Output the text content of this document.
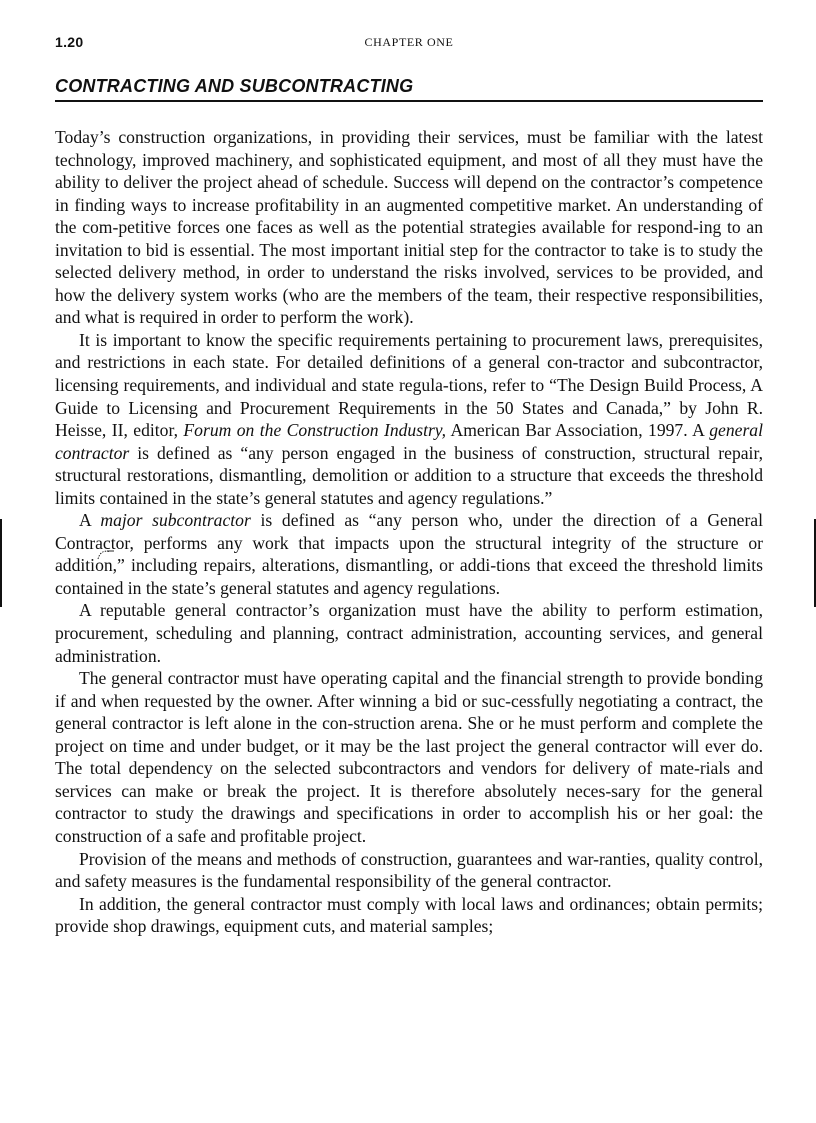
1.20	CHAPTER ONE
CONTRACTING AND SUBCONTRACTING

Today’s construction organizations, in providing their services, must be familiar with the latest technology, improved machinery, and sophisticated equipment, and most of all they must have the ability to deliver the project ahead of schedule. Success will depend on the contractor’s competence in finding ways to increase profitability in an augmented competitive market. An understanding of the com-petitive forces one faces as well as the potential strategies available for respond-ing to an invitation to bid is essential. The most important initial step for the contractor to take is to study the selected delivery method, in order to understand the risks involved, services to be provided, and how the delivery system works (who are the members of the team, their respective responsibilities, and what is required in order to perform the work).

It is important to know the specific requirements pertaining to procurement laws, prerequisites, and restrictions in each state. For detailed definitions of a general con-tractor and subcontractor, licensing requirements, and individual and state regula-tions, refer to “The Design Build Process, A Guide to Licensing and Procurement Requirements in the 50 States and Canada,” by John R. Heisse, II, editor, Forum on the Construction Industry, American Bar Association, 1997. A general contractor is defined as “any person engaged in the business of construction, structural repair, structural restorations, dismantling, demolition or addition to a structure that exceeds the threshold limits contained in the state’s general statutes and agency regulations.”

A major subcontractor is defined as “any person who, under the direction of a General Contractor, performs any work that impacts upon the structural integrity of the structure or addition,” including repairs, alterations, dismantling, or addi-tions that exceed the threshold limits contained in the state’s general statutes and agency regulations.

A reputable general contractor’s organization must have the ability to perform estimation, procurement, scheduling and planning, contract administration, accounting services, and general administration.

The general contractor must have operating capital and the financial strength to provide bonding if and when requested by the owner. After winning a bid or suc-cessfully negotiating a contract, the general contractor is left alone in the con-struction arena. She or he must perform and complete the project on time and under budget, or it may be the last project the general contractor will ever do. The total dependency on the selected subcontractors and vendors for delivery of mate-rials and services can make or break the project. It is therefore absolutely neces-sary for the general contractor to study the drawings and specifications in order to accomplish his or her goal: the construction of a safe and profitable project.

Provision of the means and methods of construction, guarantees and war-ranties, quality control, and safety measures is the fundamental responsibility of the general contractor.

In addition, the general contractor must comply with local laws and ordinances; obtain permits; provide shop drawings, equipment cuts, and material samples;
